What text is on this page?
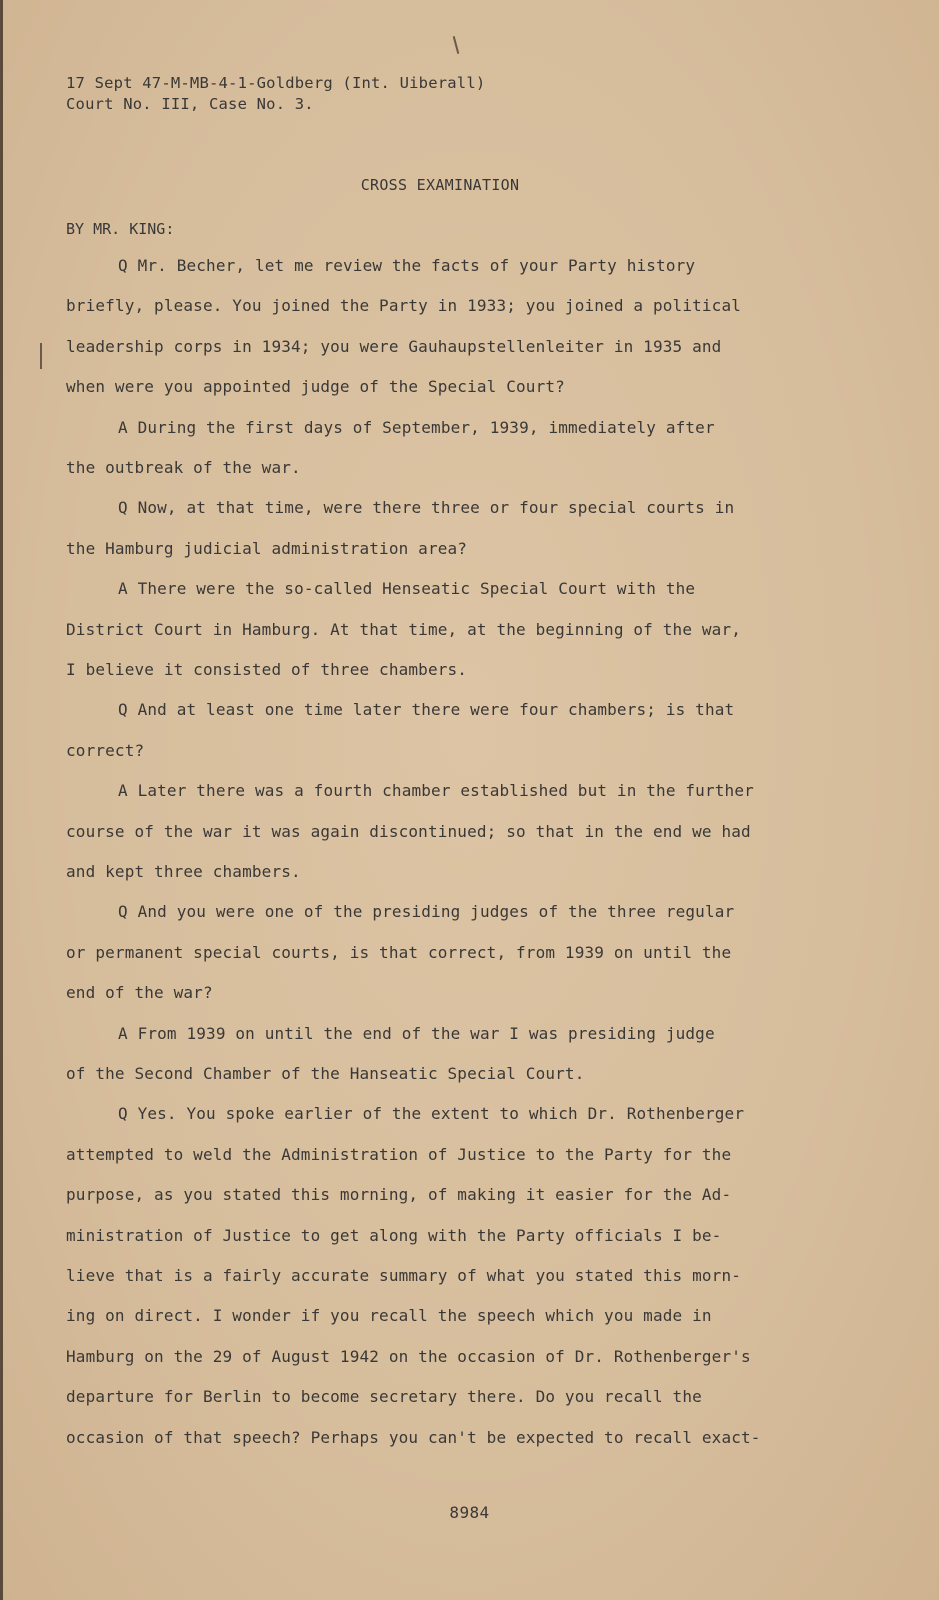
17 Sept 47-M-MB-4-1-Goldberg (Int. Uiberall)
Court No. III, Case No. 3.
CROSS EXAMINATION
BY MR. KING:
Q Mr. Becher, let me review the facts of your Party history
briefly, please. You joined the Party in 1933; you joined a political
leadership corps in 1934; you were Gauhaupstellenleiter in 1935 and
when were you appointed judge of the Special Court?
A During the first days of September, 1939, immediately after
the outbreak of the war.
Q Now, at that time, were there three or four special courts in
the Hamburg judicial administration area?
A There were the so-called Henseatic Special Court with the
District Court in Hamburg. At that time, at the beginning of the war,
I believe it consisted of three chambers.
Q And at least one time later there were four chambers; is that
correct?
A Later there was a fourth chamber established but in the further
course of the war it was again discontinued; so that in the end we had
and kept three chambers.
Q And you were one of the presiding judges of the three regular
or permanent special courts, is that correct, from 1939 on until the
end of the war?
A From 1939 on until the end of the war I was presiding judge
of the Second Chamber of the Hanseatic Special Court.
Q Yes. You spoke earlier of the extent to which Dr. Rothenberger
attempted to weld the Administration of Justice to the Party for the
purpose, as you stated this morning, of making it easier for the Ad-
ministration of Justice to get along with the Party officials I be-
lieve that is a fairly accurate summary of what you stated this morn-
ing on direct. I wonder if you recall the speech which you made in
Hamburg on the 29 of August 1942 on the occasion of Dr. Rothenberger's
departure for Berlin to become secretary there. Do you recall the
occasion of that speech? Perhaps you can't be expected to recall exact-
8984
